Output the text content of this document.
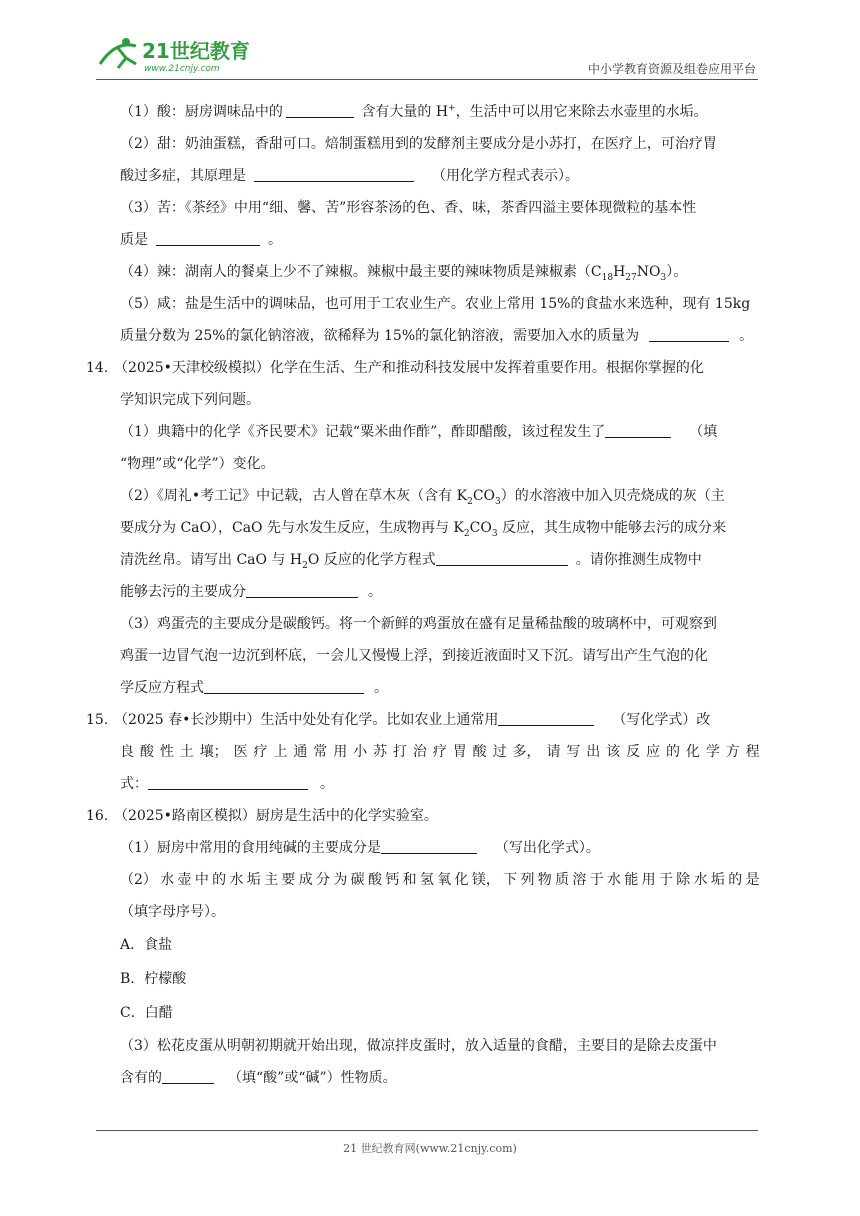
21世纪教育
www.21cnjy.com	中小学教育资源及组卷应用平台

（1）酸：厨房调味品中的	含有大量的 H+，生活中可以用它来除去水壶里的水垢。

（2）甜：奶油蛋糕，香甜可口。焙制蛋糕用到的发酵剂主要成分是小苏打，在医疗上，可治疗胃

酸过多症，其原理是	（用化学方程式表示）。

（3）苦：《茶经》中用“细、馨、苦”形容茶汤的色、香、味，茶香四溢主要体现微粒的基本性

质是	。

（4）辣：湖南人的餐桌上少不了辣椒。辣椒中最主要的辣味物质是辣椒素$(C_{18}H_{27}NO_3)$。

（5）咸：盐是生活中的调味品，也可用于工农业生产。农业上常用 15%的食盐水来选种，现有 15kg

质量分数为 25%的氯化钠溶液，欲稀释为 15%的氯化钠溶液，需要加入水的质量为	。

14. （2025•天津校级模拟）化学在生活、生产和推动科技发展中发挥着重要作用。根据你掌握的化

学知识完成下列问题。

（1）典籍中的化学《齐民要术》记载“粟米曲作酢”，酢即醋酸，该过程发生了	（填

“物理”或“化学”）变化。

（2）《周礼•考工记》中记载，古人曾在草木灰（含有 $K_2CO_3$）的水溶液中加入贝壳烧成的灰（主

要成分为 CaO），CaO 先与水发生反应，生成物再与 $K_2CO_3$ 反应，其生成物中能够去污的成分来

清洗丝帛。请写出 CaO 与 $H_2O$ 反应的化学方程式	。请你推测生成物中

能够去污的主要成分	。

（3）鸡蛋壳的主要成分是碳酸钙。将一个新鲜的鸡蛋放在盛有足量稀盐酸的玻璃杯中，可观察到

鸡蛋一边冒气泡一边沉到杯底，一会儿又慢慢上浮，到接近液面时又下沉。请写出产生气泡的化

学反应方程式	。

15. （2025 春•长沙期中）生活中处处有化学。比如农业上通常用	（写化学式）改

良 酸 性 土 壤； 医 疗 上 通 常 用 小 苏 打 治 疗 胃 酸 过 多， 请 写 出 该 反 应 的 化 学 方 程

式：	。

16. （2025•路南区模拟）厨房是生活中的化学实验室。

（1）厨房中常用的食用纯碱的主要成分是	（写出化学式）。

（2） 水 壶 中 的 水 垢 主 要 成 分 为 碳 酸 钙 和 氢 氧 化 镁， 下 列 物 质 溶 于 水 能 用 于 除 水 垢 的 是

（填字母序号）。

A．食盐

B．柠檬酸

C．白醋

（3）松花皮蛋从明朝初期就开始出现，做凉拌皮蛋时，放入适量的食醋，主要目的是除去皮蛋中

含有的	（填“酸”或“碱”）性物质。

21 世纪教育网(www.21cnjy.com)
